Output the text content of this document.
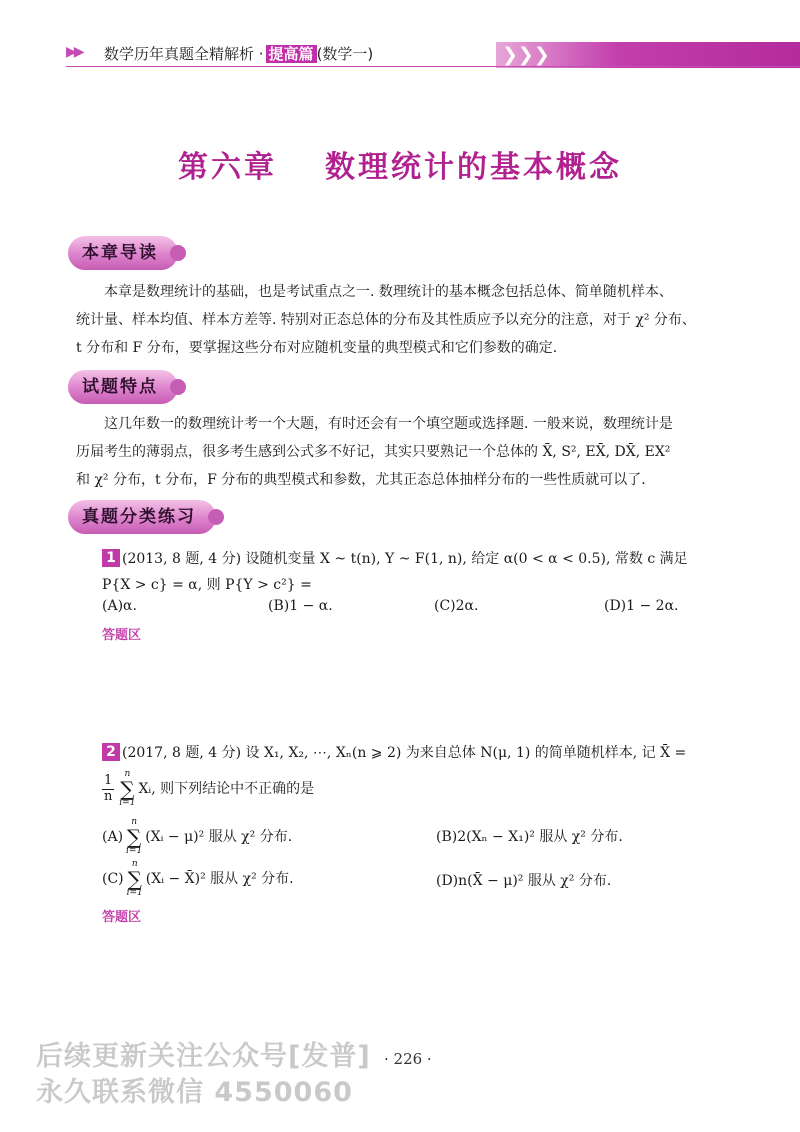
▶▶ 数学历年真题全精解析 · 提高篇 (数学一)	❯❯❯
第六章 数理统计的基本概念
本章导读
本章是数理统计的基础，也是考试重点之一. 数理统计的基本概念包括总体、简单随机样本、
统计量、样本均值、样本方差等. 特别对正态总体的分布及其性质应予以充分的注意，对于 χ² 分布、
t 分布和 F 分布，要掌握这些分布对应随机变量的典型模式和它们参数的确定.
试题特点
这几年数一的数理统计考一个大题，有时还会有一个填空题或选择题. 一般来说，数理统计是
历届考生的薄弱点，很多考生感到公式多不好记，其实只要熟记一个总体的 X̄, S², EX̄, DX̄, EX²
和 χ² 分布，t 分布，F 分布的典型模式和参数，尤其正态总体抽样分布的一些性质就可以了.
真题分类练习
1 (2013, 8 题, 4 分) 设随机变量 X ~ t(n), Y ~ F(1, n), 给定 α(0 < α < 0.5), 常数 c 满足
P{X > c} = α, 则 P{Y > c²} =
(A)α.	(B)1 − α.	(C)2α.	(D)1 − 2α.
答题区
2 (2017, 8 题, 4 分) 设 X₁, X₂, ⋯, Xₙ(n ⩾ 2) 为来自总体 N(μ, 1) 的简单随机样本, 记 X̄ =
$\frac{1}{n}$
n
∑
i=1
Xᵢ, 则下列结论中不正确的是
(A)
n
∑
i=1
(Xᵢ − μ)² 服从 χ² 分布.	(B)2(Xₙ − X₁)² 服从 χ² 分布.
(C)
n
∑
i=1
(Xᵢ − X̄)² 服从 χ² 分布.	(D)n(X̄ − μ)² 服从 χ² 分布.
答题区
· 226 ·
后续更新关注公众号[发普]
永久联系微信 4550060
